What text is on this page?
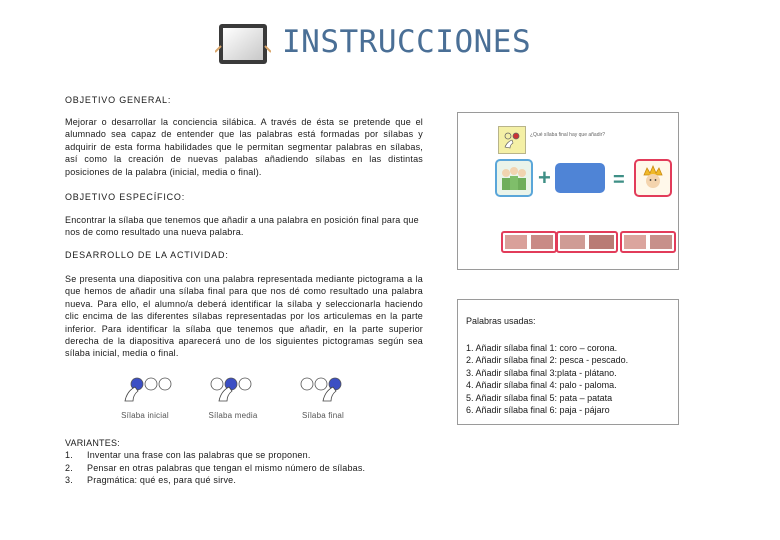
INSTRUCCIONES
OBJETIVO GENERAL:
Mejorar o desarrollar la conciencia silábica. A través de ésta se pretende que el alumnado sea capaz de entender que las palabras está formadas por sílabas y adquirir de esta forma habilidades que le permitan segmentar palabras en sílabas, así como la creación de nuevas palabas añadiendo sílabas en las distintas posiciones de la palabra (inicial, media o final).
OBJETIVO ESPECÍFICO:
Encontrar la sílaba que tenemos que añadir a una palabra en posición final para que nos de como resultado una nueva palabra.
DESARROLLO DE LA ACTIVIDAD:
Se presenta una diapositiva con una palabra representada mediante pictograma a la que hemos de añadir una sílaba final para que nos dé como resultado una palabra nueva. Para ello, el alumno/a deberá identificar la sílaba y seleccionarla haciendo clic encima de las diferentes sílabas representadas por los articulemas en la parte inferior. Para identificar la sílaba que tenemos que añadir, en la parte superior derecha de la diapositiva aparecerá uno de los siguientes pictogramas según sea sílaba inicial, media o final.
Sílaba inicial	Sílaba media	Sílaba final
VARIANTES:
1.	Inventar una frase con las palabras que se proponen.
2.	Pensar en otras palabras que tengan el mismo número de sílabas.
3.	Pragmática: qué es, para qué sirve.
¿Qué sílaba final hay que añadir?
+	=
Palabras usadas:
1. Añadir sílaba final 1: coro – corona.
2. Añadir sílaba final 2: pesca - pescado.
3. Añadir sílaba final 3:plata - plátano.
4. Añadir sílaba final 4: palo - paloma.
5. Añadir sílaba final 5: pata – patata
6. Añadir sílaba final 6: paja - pájaro
